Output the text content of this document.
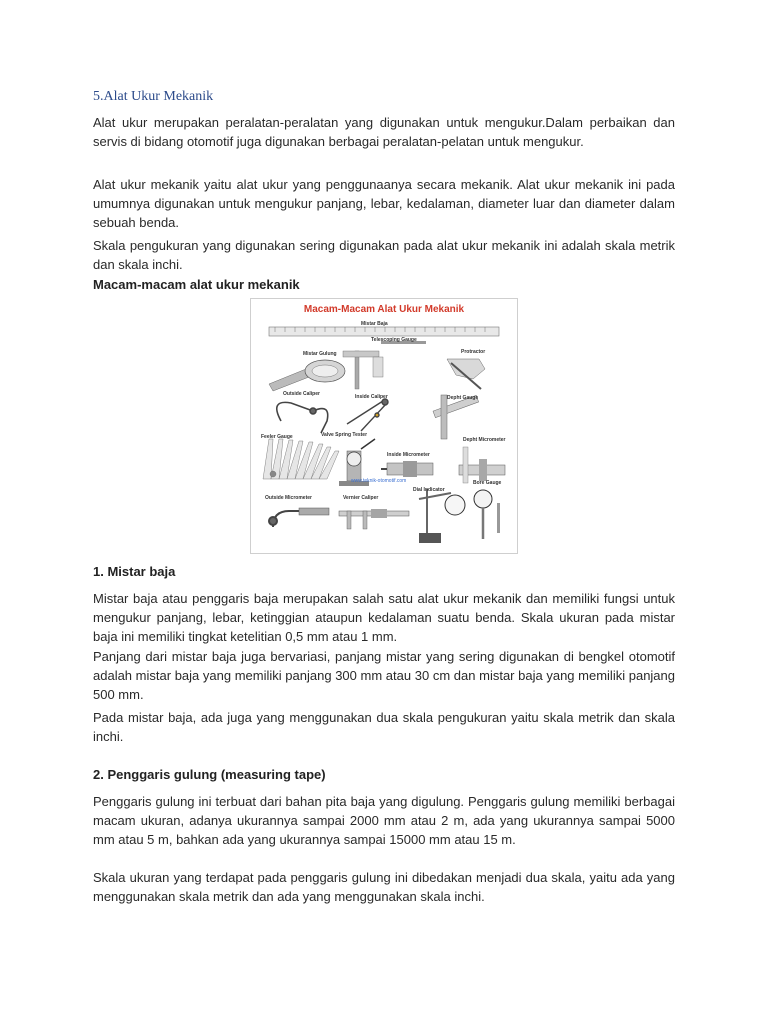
5.Alat Ukur Mekanik

Alat ukur merupakan peralatan-peralatan yang digunakan untuk mengukur.Dalam perbaikan dan servis di bidang otomotif juga digunakan berbagai peralatan-pelatan untuk mengukur.

Alat ukur mekanik yaitu alat ukur yang penggunaanya secara mekanik. Alat ukur mekanik ini pada umumnya digunakan untuk mengukur panjang, lebar, kedalaman, diameter luar dan diameter dalam sebuah benda.

Skala pengukuran yang digunakan sering digunakan pada alat ukur mekanik ini adalah skala metrik dan skala inchi.

Macam-macam alat ukur mekanik
Macam-Macam Alat Ukur Mekanik
Mistar Baja
Telescoping Gauge
Mistar Gulung	Protractor
Outside Caliper	Inside Caliper	Depht Gauge
Feeler Gauge	Valve Spring Tester
Depht Micrometer
Inside Micrometer
www.teknik-otomotif.com	Bore Gauge
Dial Indicator
Outside Micrometer	Vernier Caliper
1. Mistar baja

Mistar baja atau penggaris baja merupakan salah satu alat ukur mekanik dan memiliki fungsi untuk mengukur panjang, lebar, ketinggian ataupun kedalaman suatu benda. Skala ukuran pada mistar baja ini memiliki tingkat ketelitian 0,5 mm atau 1 mm.

Panjang dari mistar baja juga bervariasi, panjang mistar yang sering digunakan di bengkel otomotif adalah mistar baja yang memiliki panjang 300 mm atau 30 cm dan mistar baja yang memiliki panjang 500 mm.

Pada mistar baja, ada juga yang menggunakan dua skala pengukuran yaitu skala metrik dan skala inchi.

2. Penggaris gulung (measuring tape)

Penggaris gulung ini terbuat dari bahan pita baja yang digulung. Penggaris gulung memiliki berbagai macam ukuran, adanya ukurannya sampai 2000 mm atau 2 m, ada yang ukurannya sampai 5000 mm atau 5 m, bahkan ada yang ukurannya sampai 15000 mm atau 15 m.

Skala ukuran yang terdapat pada penggaris gulung ini dibedakan menjadi dua skala, yaitu ada yang menggunakan skala metrik dan ada yang menggunakan skala inchi.
